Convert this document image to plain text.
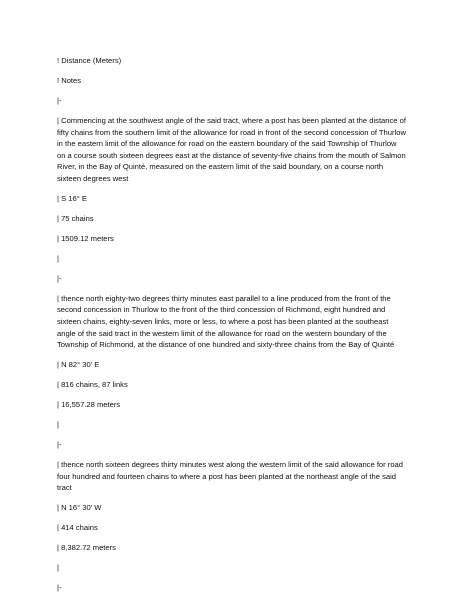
! Distance (Meters)

! Notes

|-

| Commencing at the southwest angle of the said tract, where a post has been planted at the distance of fifty chains from the southern limit of the allowance for road in front of the second concession of Thurlow in the eastern limit of the allowance for road on the eastern boundary of the said Township of Thurlow on a course south sixteen degrees east at the distance of seventy-five chains from the mouth of Salmon River, in the Bay of Quinté, measured on the eastern limit of the said boundary, on a course north sixteen degrees west

| S 16° E

| 75 chains

| 1509.12 meters

|

|-

| thence north eighty-two degrees thirty minutes east parallel to a line produced from the front of the second concession in Thurlow to the front of the third concession of Richmond, eight hundred and sixteen chains, eighty-seven links, more or less, to where a post has been planted at the southeast angle of the said tract in the western limit of the allowance for road on the western boundary of the Township of Richmond, at the distance of one hundred and sixty-three chains from the Bay of Quinté

| N 82° 30' E

| 816 chains, 87 links

| 16,557.28 meters

|

|-

| thence north sixteen degrees thirty minutes west along the western limit of the said allowance for road four hundred and fourteen chains to where a post has been planted at the northeast angle of the said tract

| N 16° 30' W

| 414 chains

| 8,382.72 meters

|

|-
